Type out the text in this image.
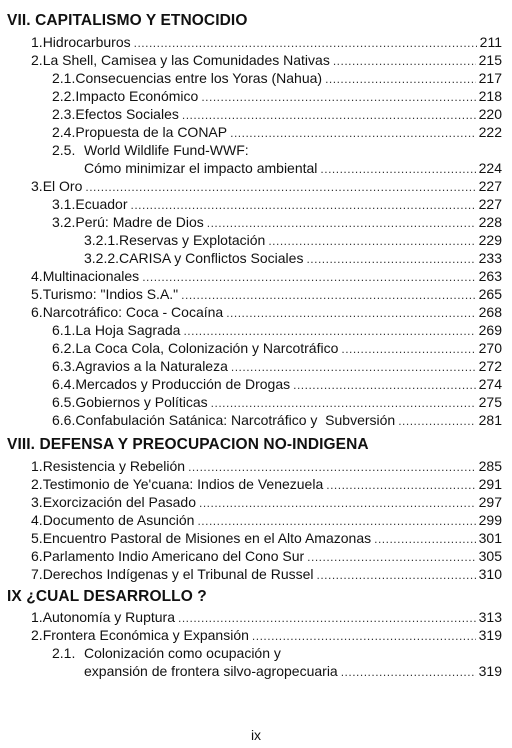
VII. CAPITALISMO Y ETNOCIDIO
1. Hidrocarburos .....	211
2. La Shell, Camisea y las Comunidades Nativas .....	215
2.1. Consecuencias entre los Yoras (Nahua) .....	217
2.2. Impacto Económico .....	218
2.3. Efectos Sociales .....	220
2.4. Propuesta de la CONAP .....	222
2.5. World Wildlife Fund-WWF:
Cómo minimizar el impacto ambiental .....	224
3. El Oro .....	227
3.1. Ecuador .....	227
3.2. Perú: Madre de Dios .....	228
3.2.1. Reservas y Explotación .....	229
3.2.2. CARISA y Conflictos Sociales .....	233
4. Multinacionales .....	263
5. Turismo: "Indios S.A." .....	265
6. Narcotráfico: Coca - Cocaína .....	268
6.1. La Hoja Sagrada .....	269
6.2. La Coca Cola, Colonización y Narcotráfico .....	270
6.3. Agravios a la Naturaleza .....	272
6.4. Mercados y Producción de Drogas .....	274
6.5. Gobiernos y Políticas .....	275
6.6. Confabulación Satánica: Narcotráfico y  Subversión .....	281
VIII. DEFENSA Y PREOCUPACION NO-INDIGENA
1. Resistencia y Rebelión .....	285
2. Testimonio de Ye'cuana: Indios de Venezuela .....	291
3. Exorcización del Pasado .....	297
4. Documento de Asunción .....	299
5. Encuentro Pastoral de Misiones en el Alto Amazonas .....	301
6. Parlamento Indio Americano del Cono Sur .....	305
7. Derechos Indígenas y el Tribunal de Russel .....	310
IX ¿CUAL DESARROLLO ?
1. Autonomía y Ruptura .....	313
2. Frontera Económica y Expansión .....	319
2.1. Colonización como ocupación y
expansión de frontera silvo-agropecuaria .....	319
ix
